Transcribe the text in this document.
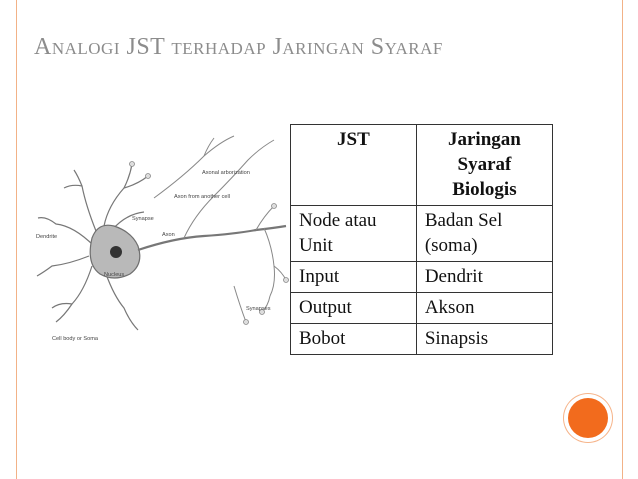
Analogi JST terhadap Jaringan Syaraf
Axonal arborization
Axon from another cell
Synapse
Dendrite	Axon
Nucleus
Synapses
Cell body or Soma
JST	Jaringan Syaraf Biologis
Node atau Unit	Badan Sel (soma)
Input	Dendrit
Output	Akson
Bobot	Sinapsis
